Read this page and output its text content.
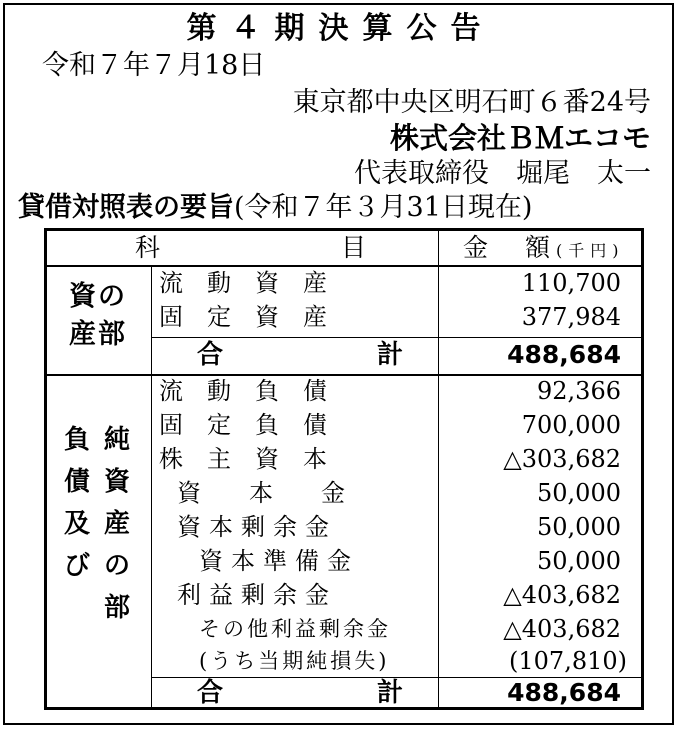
第４期決算公告
令和７年７月18日
東京都中央区明石町６番24号
株式会社ＢＭエコモ
代表取締役　堀尾　太一
貸借対照表の要旨(令和７年３月31日現在)
科	目	金　額(千円)
資の
産部
流　動　資　産	110,700
固　定　資　産	377,984
合	計	488,684
負
債
及
び
純
資
産
の
部
流　動　負　債	92,366
固　定　負　債	700,000
株　主　資　本	△303,682
資　　本　　金	50,000
資本剰余金	50,000
資本準備金	50,000
利益剰余金	△403,682
その他利益剰余金	△403,682
(うち当期純損失)	(107,810)
合	計	488,684
